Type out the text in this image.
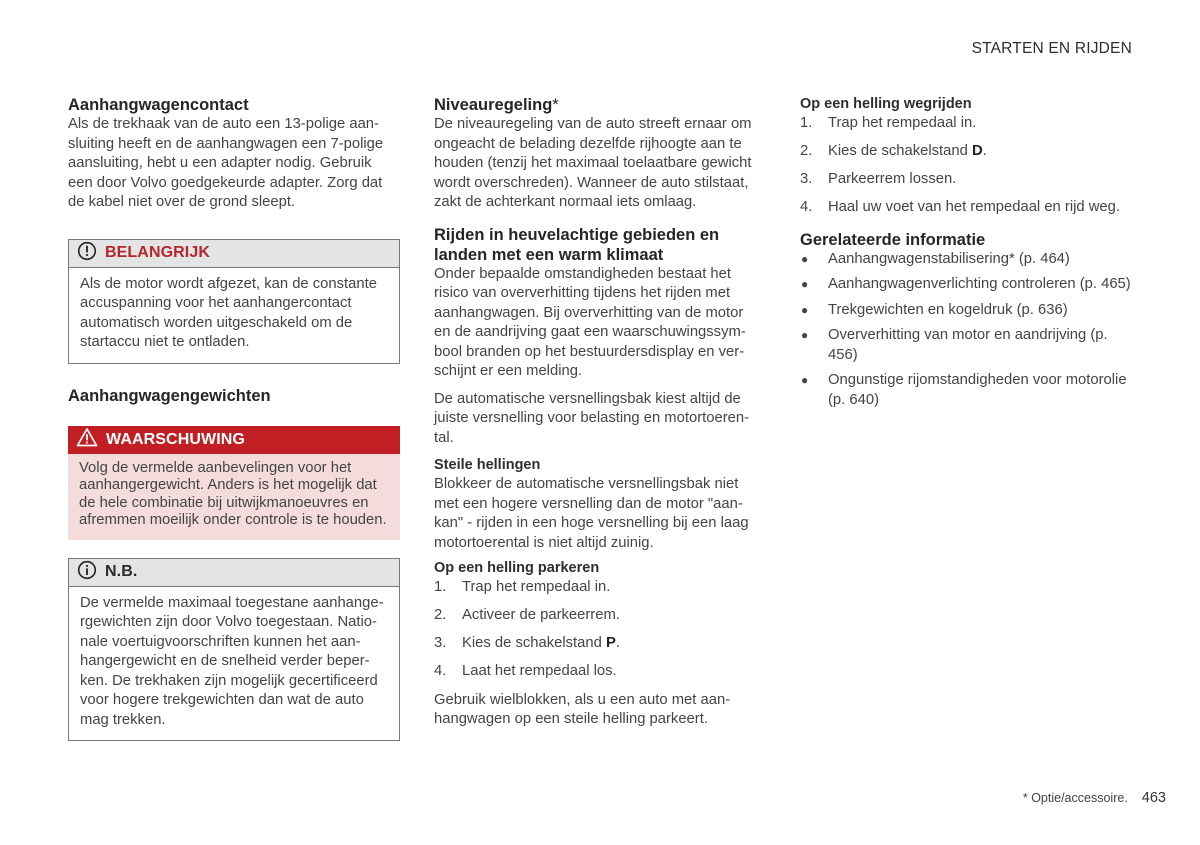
STARTEN EN RIJDEN
Aanhangwagencontact

Als de trekhaak van de auto een 13-polige aansluiting heeft en de aanhangwagen een 7-polige aansluiting, hebt u een adapter nodig. Gebruik een door Volvo goedgekeurde adapter. Zorg dat de kabel niet over de grond sleept.

BELANGRIJK

Als de motor wordt afgezet, kan de constante accuspanning voor het aanhangercontact automatisch worden uitgeschakeld om de startaccu niet te ontladen.

Aanhangwagengewichten
WAARSCHUWING

Volg de vermelde aanbevelingen voor het aanhangergewicht. Anders is het mogelijk dat de hele combinatie bij uitwijkmanoeuvres en afremmen moeilijk onder controle is te houden.

N.B.

De vermelde maximaal toegestane aanhangergewichten zijn door Volvo toegestaan. Nationale voertuigvoorschriften kunnen het aanhangergewicht en de snelheid verder beperken. De trekhaken zijn mogelijk gecertificeerd voor hogere trekgewichten dan wat de auto mag trekken.

Niveauregeling*

De niveauregeling van de auto streeft ernaar om ongeacht de belading dezelfde rijhoogte aan te houden (tenzij het maximaal toelaatbare gewicht wordt overschreden). Wanneer de auto stilstaat, zakt de achterkant normaal iets omlaag.

Rijden in heuvelachtige gebieden en landen met een warm klimaat

Onder bepaalde omstandigheden bestaat het risico van oververhitting tijdens het rijden met aanhangwagen. Bij oververhitting van de motor en de aandrijving gaat een waarschuwingssymbool branden op het bestuurdersdisplay en verschijnt er een melding.

De automatische versnellingsbak kiest altijd de juiste versnelling voor belasting en motortoerental.

Steile hellingen

Blokkeer de automatische versnellingsbak niet met een hogere versnelling dan de motor "aankan" - rijden in een hoge versnelling bij een laag motortoerental is niet altijd zuinig.

Op een helling parkeren
1.	Trap het rempedaal in.
2.	Activeer de parkeerrem.
3.	Kies de schakelstand P.
4.	Laat het rempedaal los.

Gebruik wielblokken, als u een auto met aanhangwagen op een steile helling parkeert.

Op een helling wegrijden
1.	Trap het rempedaal in.
2.	Kies de schakelstand D.
3.	Parkeerrem lossen.
4.	Haal uw voet van het rempedaal en rijd weg.
Gerelateerde informatie
●	Aanhangwagenstabilisering* (p. 464)
●	Aanhangwagenverlichting controleren (p. 465)
●	Trekgewichten en kogeldruk (p. 636)
●	Oververhitting van motor en aandrijving (p. 456)
●	Ongunstige rijomstandigheden voor motorolie (p. 640)
* Optie/accessoire. 463
